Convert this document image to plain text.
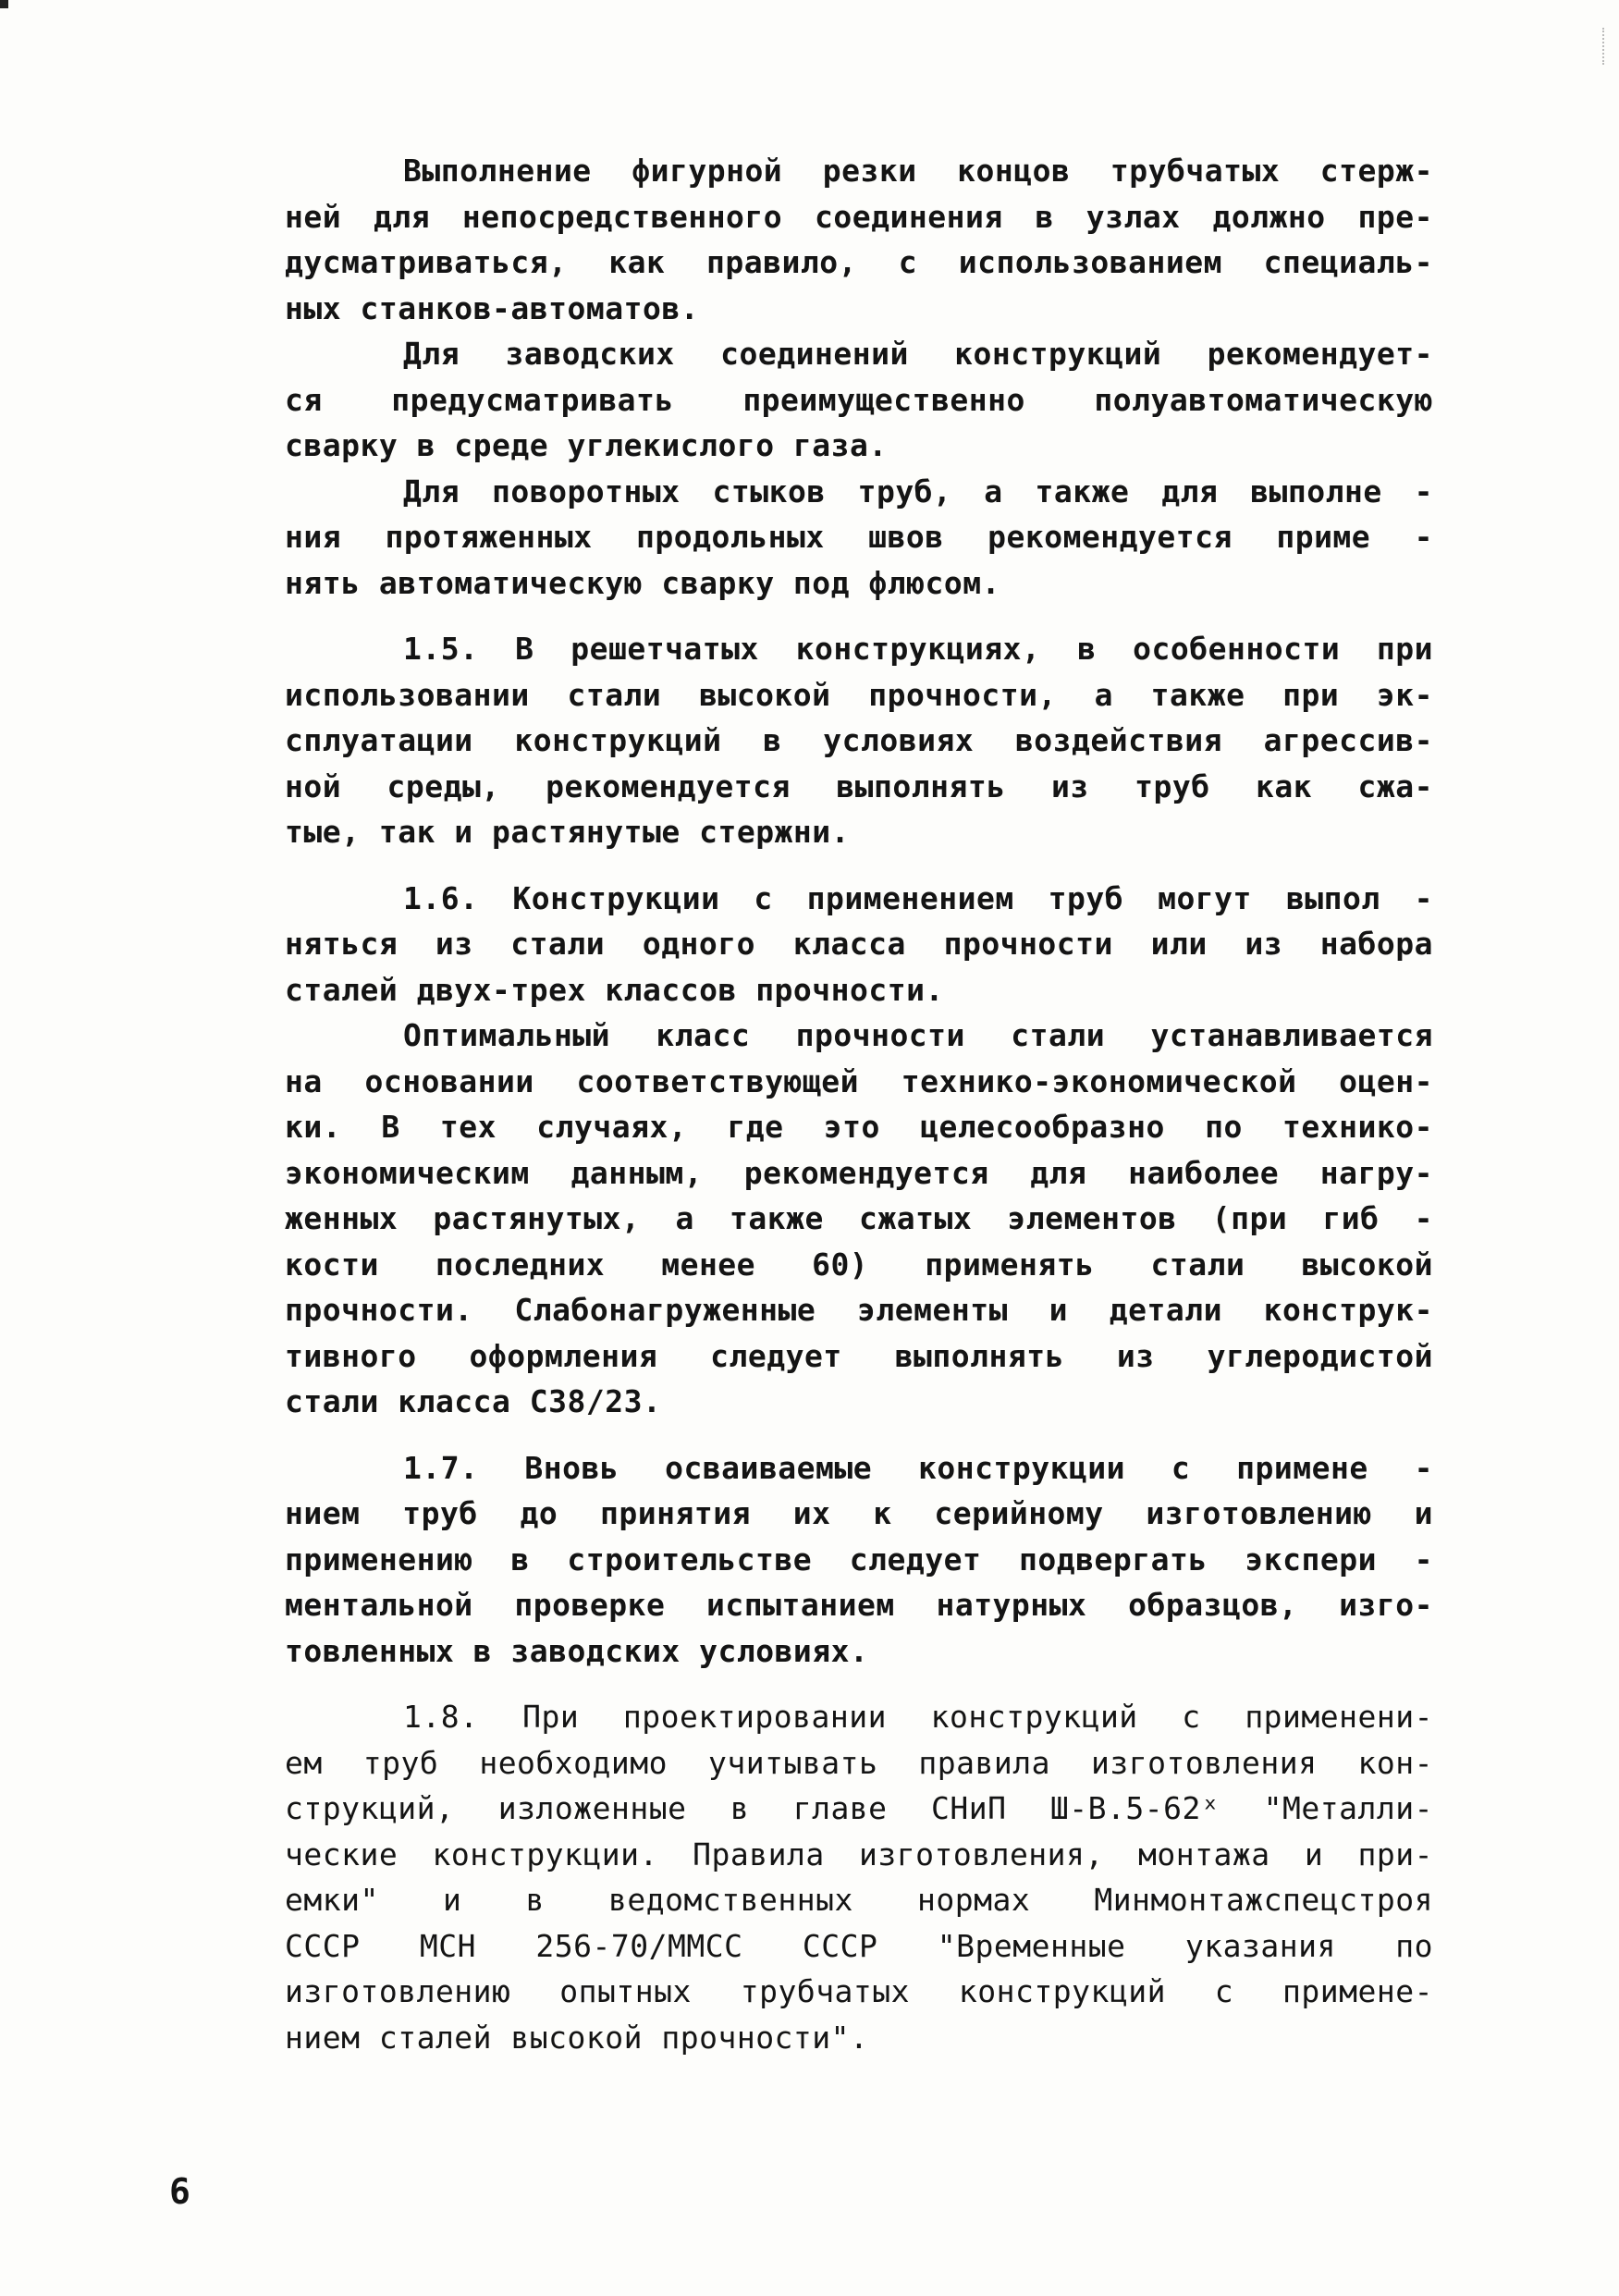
Выполнение фигурной резки концов трубчатых стерж-
ней для непосредственного соединения в узлах должно пре-
дусматриваться, как правило, с использованием специаль-
ных станков-автоматов.

Для заводских соединений конструкций рекомендует-
ся предусматривать преимущественно полуавтоматическую
сварку в среде углекислого газа.

Для поворотных стыков труб, а также для выполне -
ния протяженных продольных швов рекомендуется приме -
нять автоматическую сварку под флюсом.

1.5. В решетчатых конструкциях, в особенности при
использовании стали высокой прочности, а также при эк-
сплуатации конструкций в условиях воздействия агрессив-
ной среды, рекомендуется выполнять из труб как сжа-
тые, так и растянутые стержни.

1.6. Конструкции с применением труб могут выпол -
няться из стали одного класса прочности или из набора
сталей двух-трех классов прочности.

Оптимальный класс прочности стали устанавливается
на основании соответствующей технико-экономической оцен-
ки. В тех случаях, где это целесообразно по технико-
экономическим данным, рекомендуется для наиболее нагру-
женных растянутых, а также сжатых элементов (при гиб -
кости последних менее 60) применять стали высокой
прочности. Слабонагруженные элементы и детали конструк-
тивного оформления следует выполнять из углеродистой
стали класса С38/23.

1.7. Вновь осваиваемые конструкции с примене -
нием труб до принятия их к серийному изготовлению и
применению в строительстве следует подвергать экспери -
ментальной проверке испытанием натурных образцов, изго-
товленных в заводских условиях.

1.8. При проектировании конструкций с применени-
ем труб необходимо учитывать правила изготовления кон-
струкций, изложенные в главе СНиП Ш-В.5-62ˣ "Металли-
ческие конструкции. Правила изготовления, монтажа и при-
емки" и в ведомственных нормах Минмонтажспецстроя
СССР МСН 256-70/ММСС СССР "Временные указания по
изготовлению опытных трубчатых конструкций с примене-
нием сталей высокой прочности".

6
